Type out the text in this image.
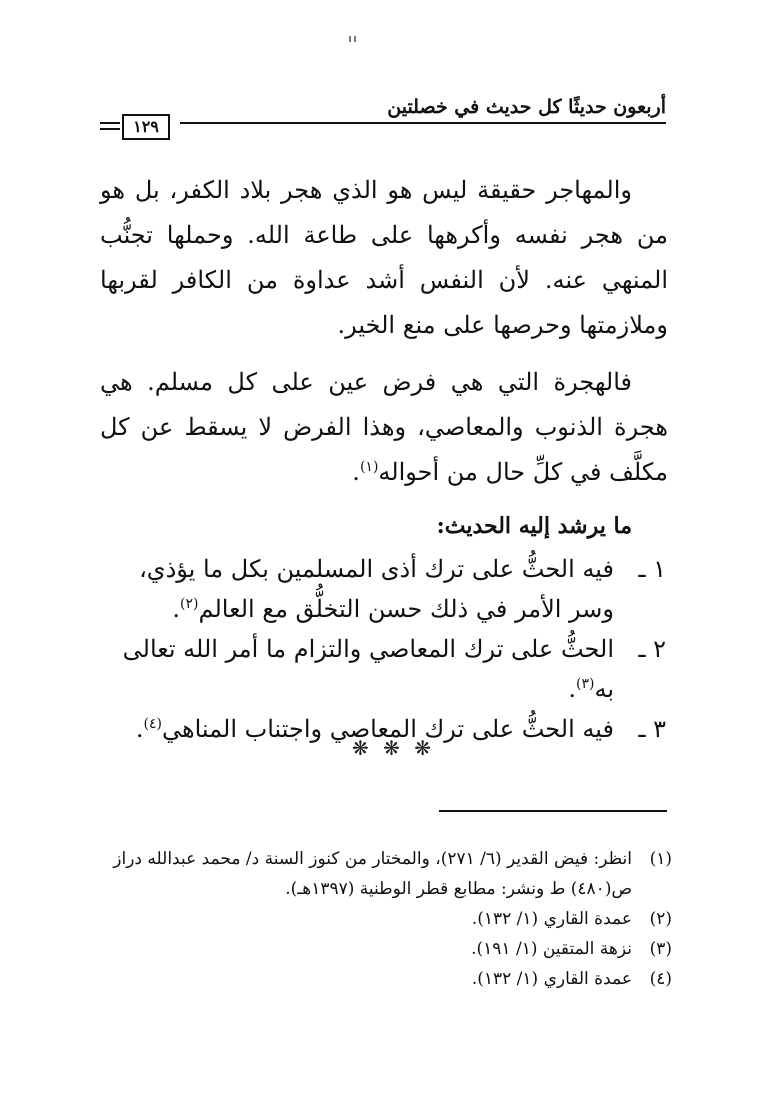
أربعون حديثًا كل حديث في خصلتين
١٢٩

والمهاجر حقيقة ليس هو الذي هجر بلاد الكفر، بل هو من هجر نفسه وأكرهها على طاعة الله. وحملها تجنُّب المنهي عنه. لأن النفس أشد عداوة من الكافر لقربها وملازمتها وحرصها على منع الخير.

فالهجرة التي هي فرض عين على كل مسلم. هي هجرة الذنوب والمعاصي، وهذا الفرض لا يسقط عن كل مكلَّف في كلِّ حال من أحواله$^{(١)}$.

ما يرشد إليه الحديث:
١ ـ
فيه الحثُّ على ترك أذى المسلمين بكل ما يؤذي، وسر الأمر في ذلك حسن التخلُّق مع العالم$^{(٢)}$.
٢ ـ
الحثُّ على ترك المعاصي والتزام ما أمر الله تعالى به$^{(٣)}$.
٣ ـ
فيه الحثُّ على ترك المعاصي واجتناب المناهي$^{(٤)}$.
❋ ❋ ❋
(١)
انظر: فيض القدير (٦/ ٢٧١)، والمختار من كنوز السنة د/ محمد عبدالله دراز ص(٤٨٠) ط ونشر: مطابع قطر الوطنية (١٣٩٧هـ).
(٢)
عمدة القاري (١/ ١٣٢).
(٣)
نزهة المتقين (١/ ١٩١).
(٤)
عمدة القاري (١/ ١٣٢).
